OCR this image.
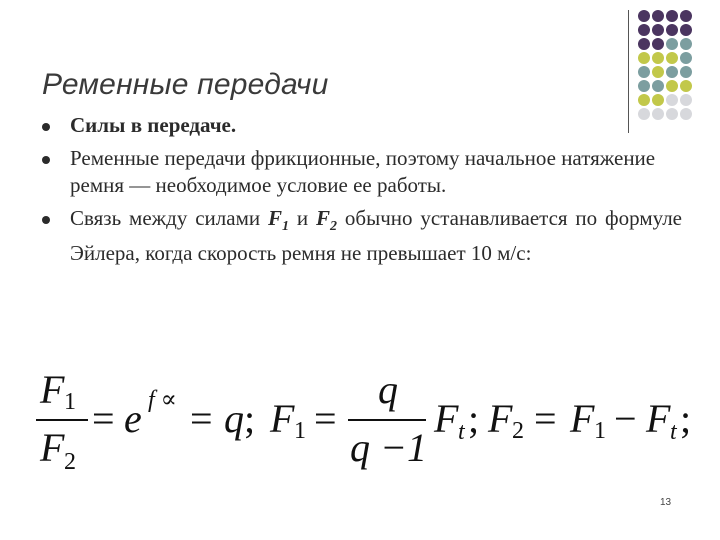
Ременные передачи
Силы в передаче.
Ременные передачи фрикционные, поэтому начальное натяжение ремня — необходимое условие ее работы.
Связь между силами $F_1$ и $F_2$ обычно устанавливается по формуле Эйлера, когда скорость ремня не превышает 10 м/с:
F 1
F 2
= e f ∝ = q ; F 1 =
q
q −1
F t ; F 2 = F 1 − F t ;
13
